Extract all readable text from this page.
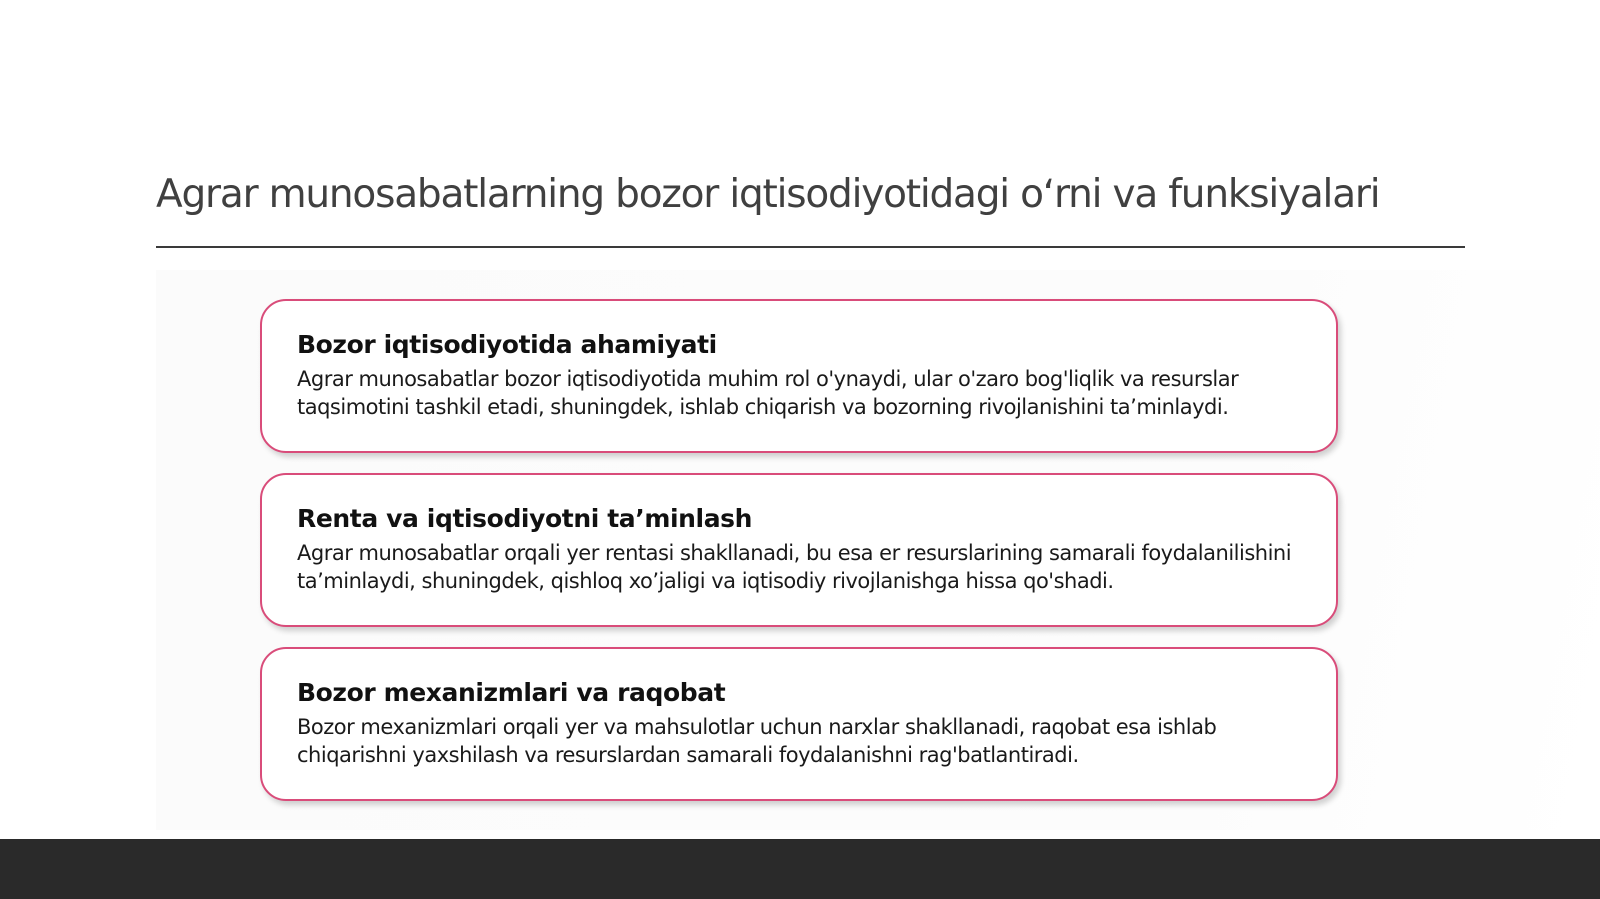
Agrar munosabatlarning bozor iqtisodiyotidagi o‘rni va funksiyalari
Bozor iqtisodiyotida ahamiyati

Agrar munosabatlar bozor iqtisodiyotida muhim rol o'ynaydi, ular o'zaro bog'liqlik va resurslar taqsimotini tashkil etadi, shuningdek, ishlab chiqarish va bozorning rivojlanishini ta’minlaydi.

Renta va iqtisodiyotni ta’minlash

Agrar munosabatlar orqali yer rentasi shakllanadi, bu esa er resurslarining samarali foydalanilishini ta’minlaydi, shuningdek, qishloq xo’jaligi va iqtisodiy rivojlanishga hissa qo'shadi.

Bozor mexanizmlari va raqobat

Bozor mexanizmlari orqali yer va mahsulotlar uchun narxlar shakllanadi, raqobat esa ishlab chiqarishni yaxshilash va resurslardan samarali foydalanishni rag'batlantiradi.
